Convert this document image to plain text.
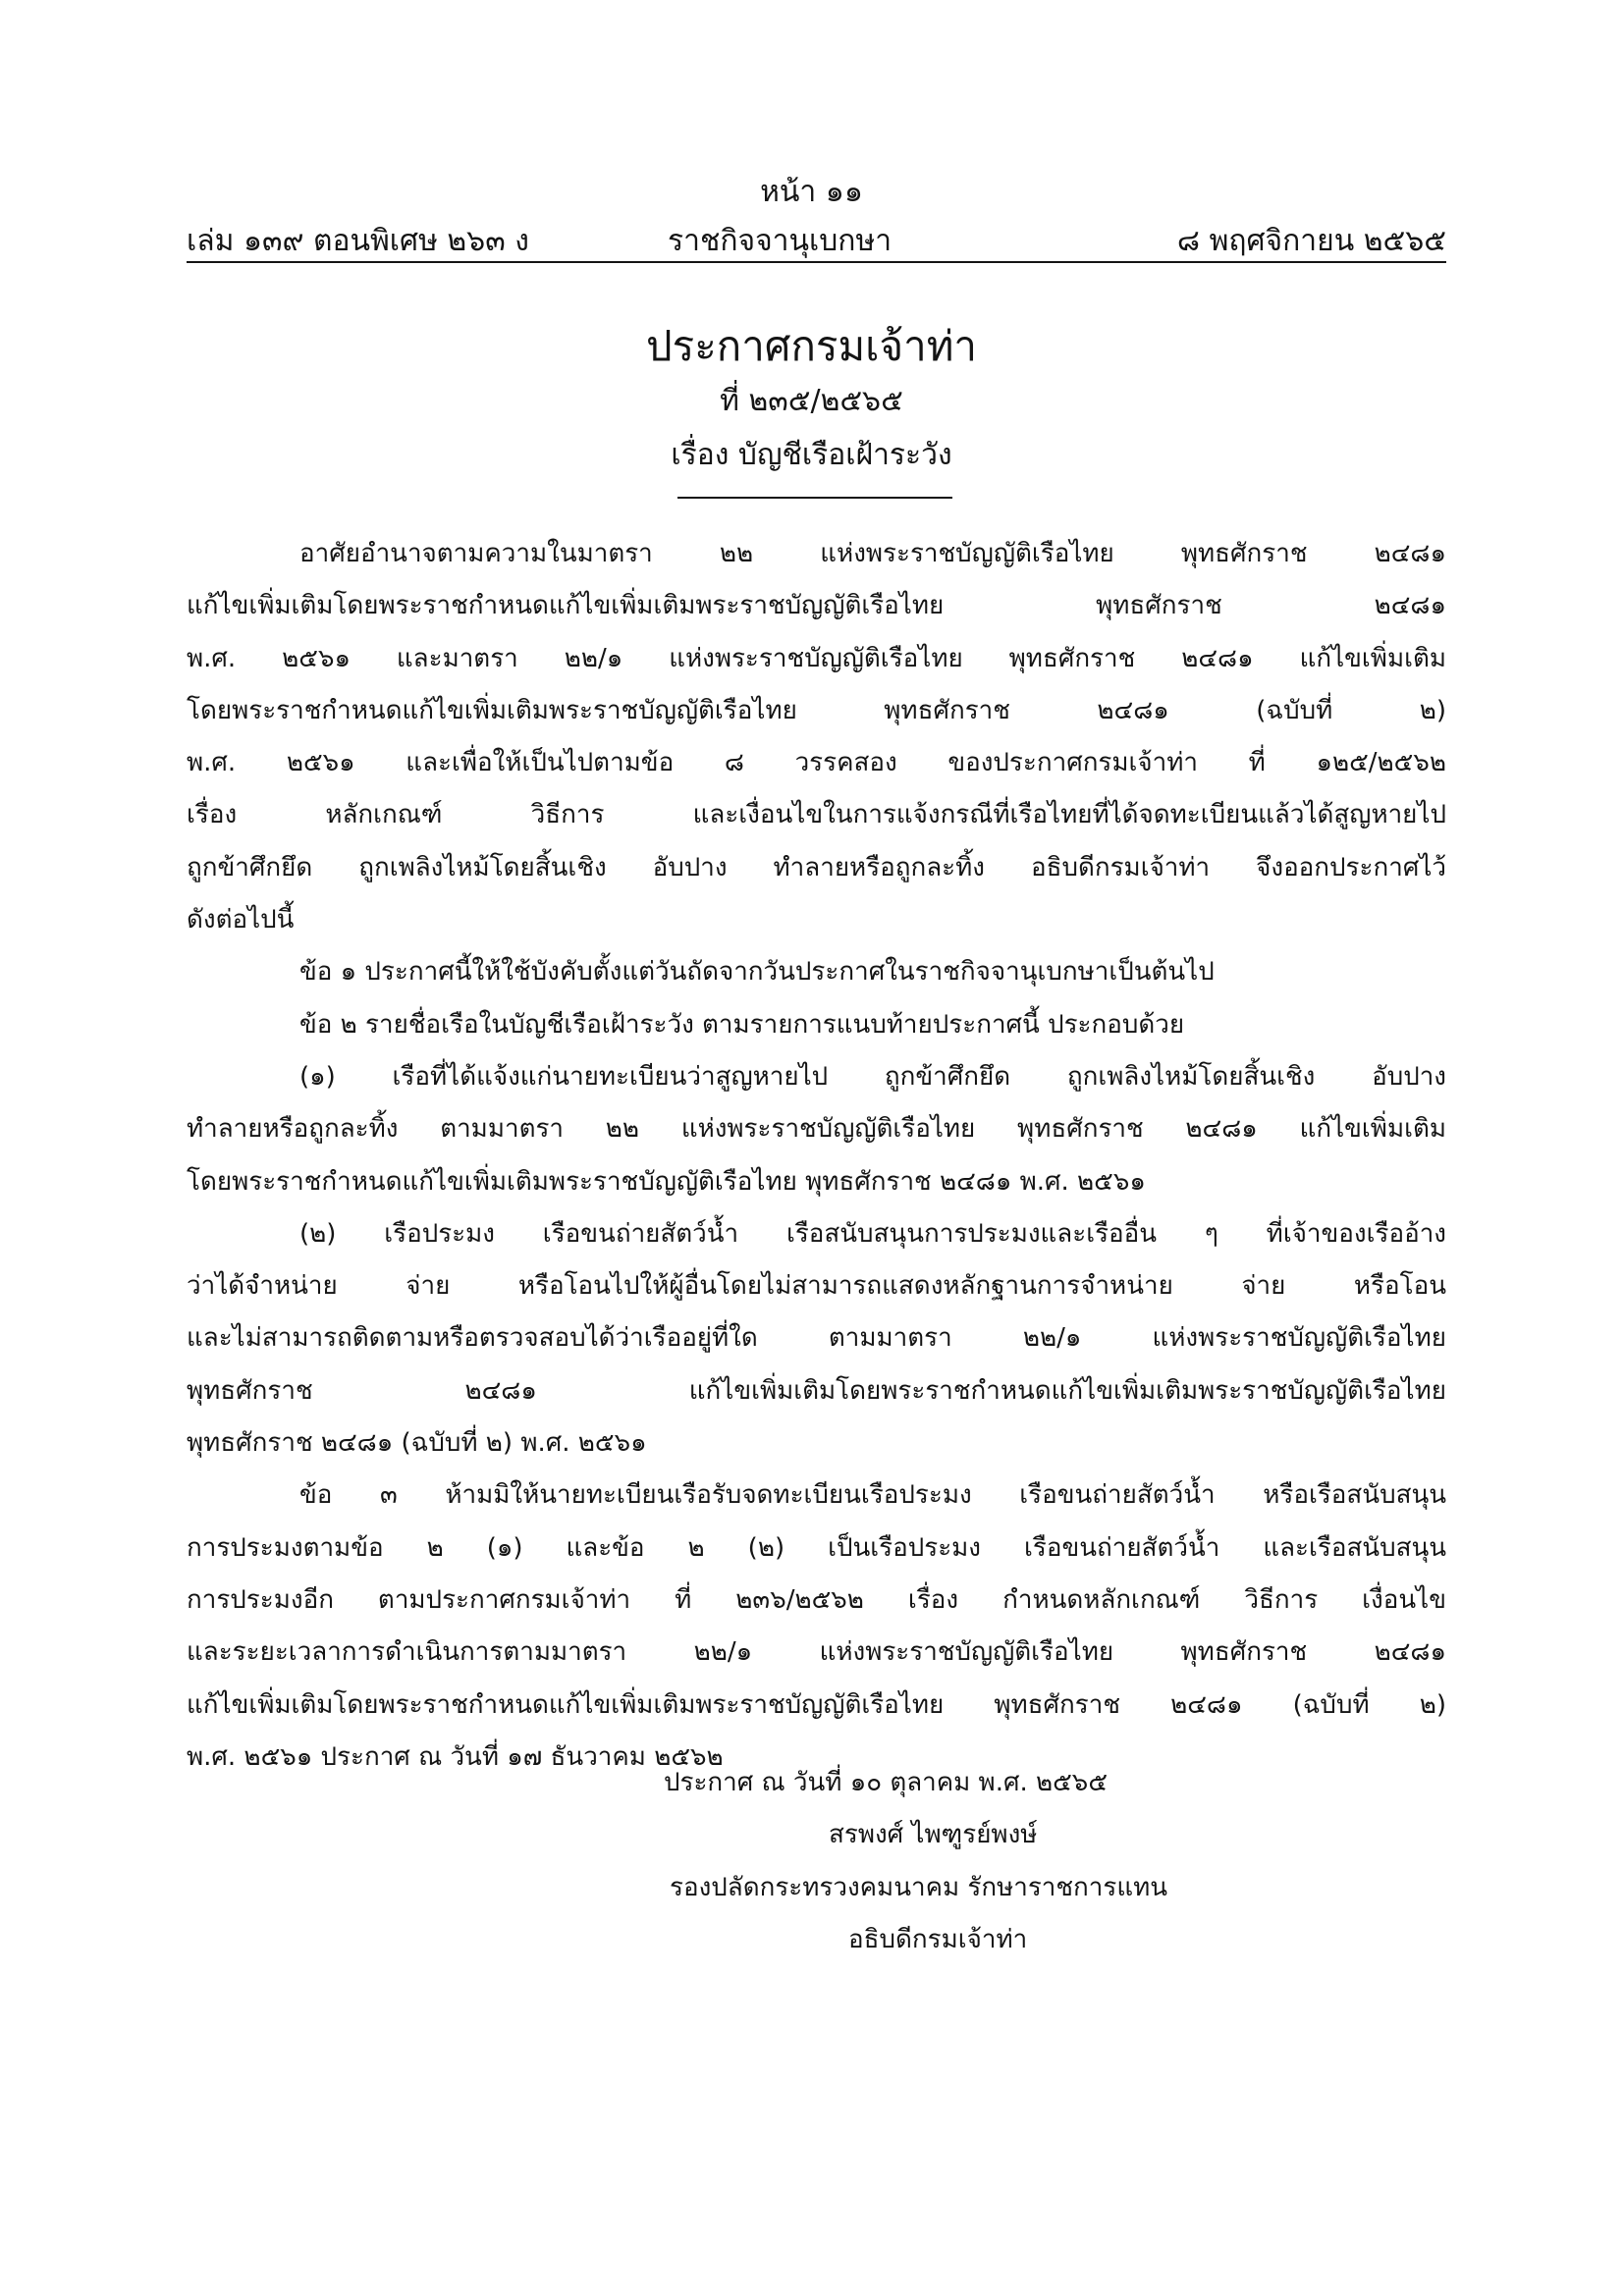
หน้า ๑๑
เล่ม ๑๓๙ ตอนพิเศษ ๒๖๓ ง	ราชกิจจานุเบกษา	๘ พฤศจิกายน ๒๕๖๕
ประกาศกรมเจ้าท่า
ที่ ๒๓๕/๒๕๖๕
เรื่อง บัญชีเรือเฝ้าระวัง

อาศัยอำนาจตามความในมาตรา ๒๒ แห่งพระราชบัญญัติเรือไทย พุทธศักราช ๒๔๘๑

แก้ไขเพิ่มเติมโดยพระราชกำหนดแก้ไขเพิ่มเติมพระราชบัญญัติเรือไทย พุทธศักราช ๒๔๘๑

พ.ศ. ๒๕๖๑ และมาตรา ๒๒/๑ แห่งพระราชบัญญัติเรือไทย พุทธศักราช ๒๔๘๑ แก้ไขเพิ่มเติม

โดยพระราชกำหนดแก้ไขเพิ่มเติมพระราชบัญญัติเรือไทย พุทธศักราช ๒๔๘๑ (ฉบับที่ ๒)

พ.ศ. ๒๕๖๑ และเพื่อให้เป็นไปตามข้อ ๘ วรรคสอง ของประกาศกรมเจ้าท่า ที่ ๑๒๕/๒๕๖๒

เรื่อง หลักเกณฑ์ วิธีการ และเงื่อนไขในการแจ้งกรณีที่เรือไทยที่ได้จดทะเบียนแล้วได้สูญหายไป

ถูกข้าศึกยึด ถูกเพลิงไหม้โดยสิ้นเชิง อับปาง ทำลายหรือถูกละทิ้ง อธิบดีกรมเจ้าท่า จึงออกประกาศไว้

ดังต่อไปนี้

ข้อ ๑ ประกาศนี้ให้ใช้บังคับตั้งแต่วันถัดจากวันประกาศในราชกิจจานุเบกษาเป็นต้นไป

ข้อ ๒ รายชื่อเรือในบัญชีเรือเฝ้าระวัง ตามรายการแนบท้ายประกาศนี้ ประกอบด้วย

(๑) เรือที่ได้แจ้งแก่นายทะเบียนว่าสูญหายไป ถูกข้าศึกยึด ถูกเพลิงไหม้โดยสิ้นเชิง อับปาง

ทำลายหรือถูกละทิ้ง ตามมาตรา ๒๒ แห่งพระราชบัญญัติเรือไทย พุทธศักราช ๒๔๘๑ แก้ไขเพิ่มเติม

โดยพระราชกำหนดแก้ไขเพิ่มเติมพระราชบัญญัติเรือไทย พุทธศักราช ๒๔๘๑ พ.ศ. ๒๕๖๑

(๒) เรือประมง เรือขนถ่ายสัตว์น้ำ เรือสนับสนุนการประมงและเรืออื่น ๆ ที่เจ้าของเรืออ้าง

ว่าได้จำหน่าย จ่าย หรือโอนไปให้ผู้อื่นโดยไม่สามารถแสดงหลักฐานการจำหน่าย จ่าย หรือโอน

และไม่สามารถติดตามหรือตรวจสอบได้ว่าเรืออยู่ที่ใด ตามมาตรา ๒๒/๑ แห่งพระราชบัญญัติเรือไทย

พุทธศักราช ๒๔๘๑ แก้ไขเพิ่มเติมโดยพระราชกำหนดแก้ไขเพิ่มเติมพระราชบัญญัติเรือไทย

พุทธศักราช ๒๔๘๑ (ฉบับที่ ๒) พ.ศ. ๒๕๖๑

ข้อ ๓ ห้ามมิให้นายทะเบียนเรือรับจดทะเบียนเรือประมง เรือขนถ่ายสัตว์น้ำ หรือเรือสนับสนุน

การประมงตามข้อ ๒ (๑) และข้อ ๒ (๒) เป็นเรือประมง เรือขนถ่ายสัตว์น้ำ และเรือสนับสนุน

การประมงอีก ตามประกาศกรมเจ้าท่า ที่ ๒๓๖/๒๕๖๒ เรื่อง กำหนดหลักเกณฑ์ วิธีการ เงื่อนไข

และระยะเวลาการดำเนินการตามมาตรา ๒๒/๑ แห่งพระราชบัญญัติเรือไทย พุทธศักราช ๒๔๘๑

แก้ไขเพิ่มเติมโดยพระราชกำหนดแก้ไขเพิ่มเติมพระราชบัญญัติเรือไทย พุทธศักราช ๒๔๘๑ (ฉบับที่ ๒)

พ.ศ. ๒๕๖๑ ประกาศ ณ วันที่ ๑๗ ธันวาคม ๒๕๖๒

ประกาศ ณ วันที่ ๑๐ ตุลาคม พ.ศ. ๒๕๖๕
สรพงศ์ ไพฑูรย์พงษ์
รองปลัดกระทรวงคมนาคม รักษาราชการแทน
อธิบดีกรมเจ้าท่า
